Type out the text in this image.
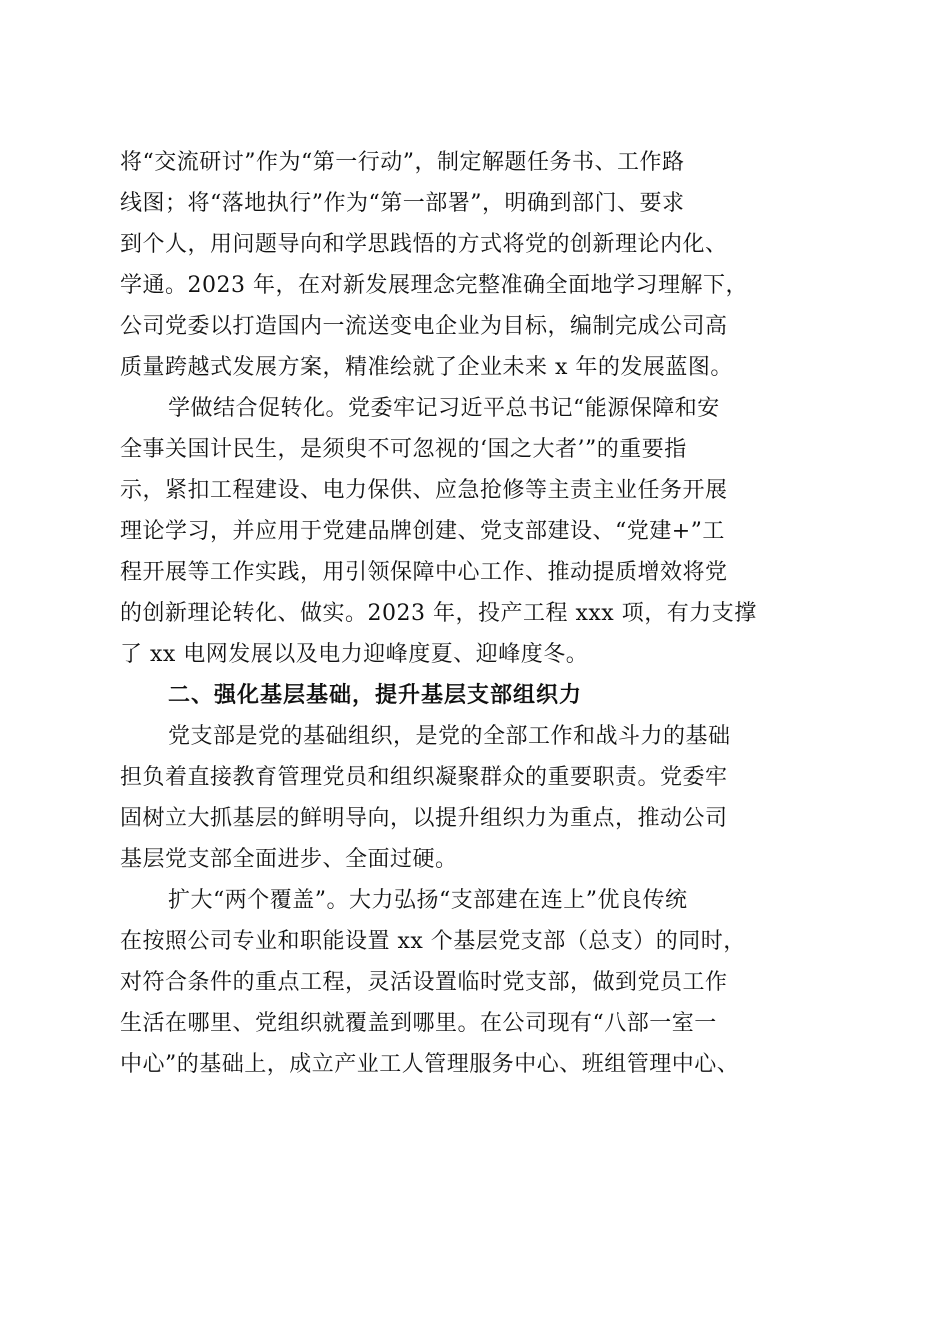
将“交流研讨”作为“第一行动”，制定解题任务书、工作路
线图；将“落地执行”作为“第一部署”，明确到部门、要求
到个人，用问题导向和学思践悟的方式将党的创新理论内化、
学通。2023 年，在对新发展理念完整准确全面地学习理解下，
公司党委以打造国内一流送变电企业为目标，编制完成公司高
质量跨越式发展方案，精准绘就了企业未来 x 年的发展蓝图。
学做结合促转化。党委牢记习近平总书记“能源保障和安
全事关国计民生，是须臾不可忽视的‘国之大者’”的重要指
示，紧扣工程建设、电力保供、应急抢修等主责主业任务开展
理论学习，并应用于党建品牌创建、党支部建设、“党建+”工
程开展等工作实践，用引领保障中心工作、推动提质增效将党
的创新理论转化、做实。2023 年，投产工程 xxx 项，有力支撑
了 xx 电网发展以及电力迎峰度夏、迎峰度冬。
二、强化基层基础，提升基层支部组织力
党支部是党的基础组织，是党的全部工作和战斗力的基础
担负着直接教育管理党员和组织凝聚群众的重要职责。党委牢
固树立大抓基层的鲜明导向，以提升组织力为重点，推动公司
基层党支部全面进步、全面过硬。
扩大“两个覆盖”。大力弘扬“支部建在连上”优良传统
在按照公司专业和职能设置 xx 个基层党支部（总支）的同时，
对符合条件的重点工程，灵活设置临时党支部，做到党员工作
生活在哪里、党组织就覆盖到哪里。在公司现有“八部一室一
中心”的基础上，成立产业工人管理服务中心、班组管理中心、
